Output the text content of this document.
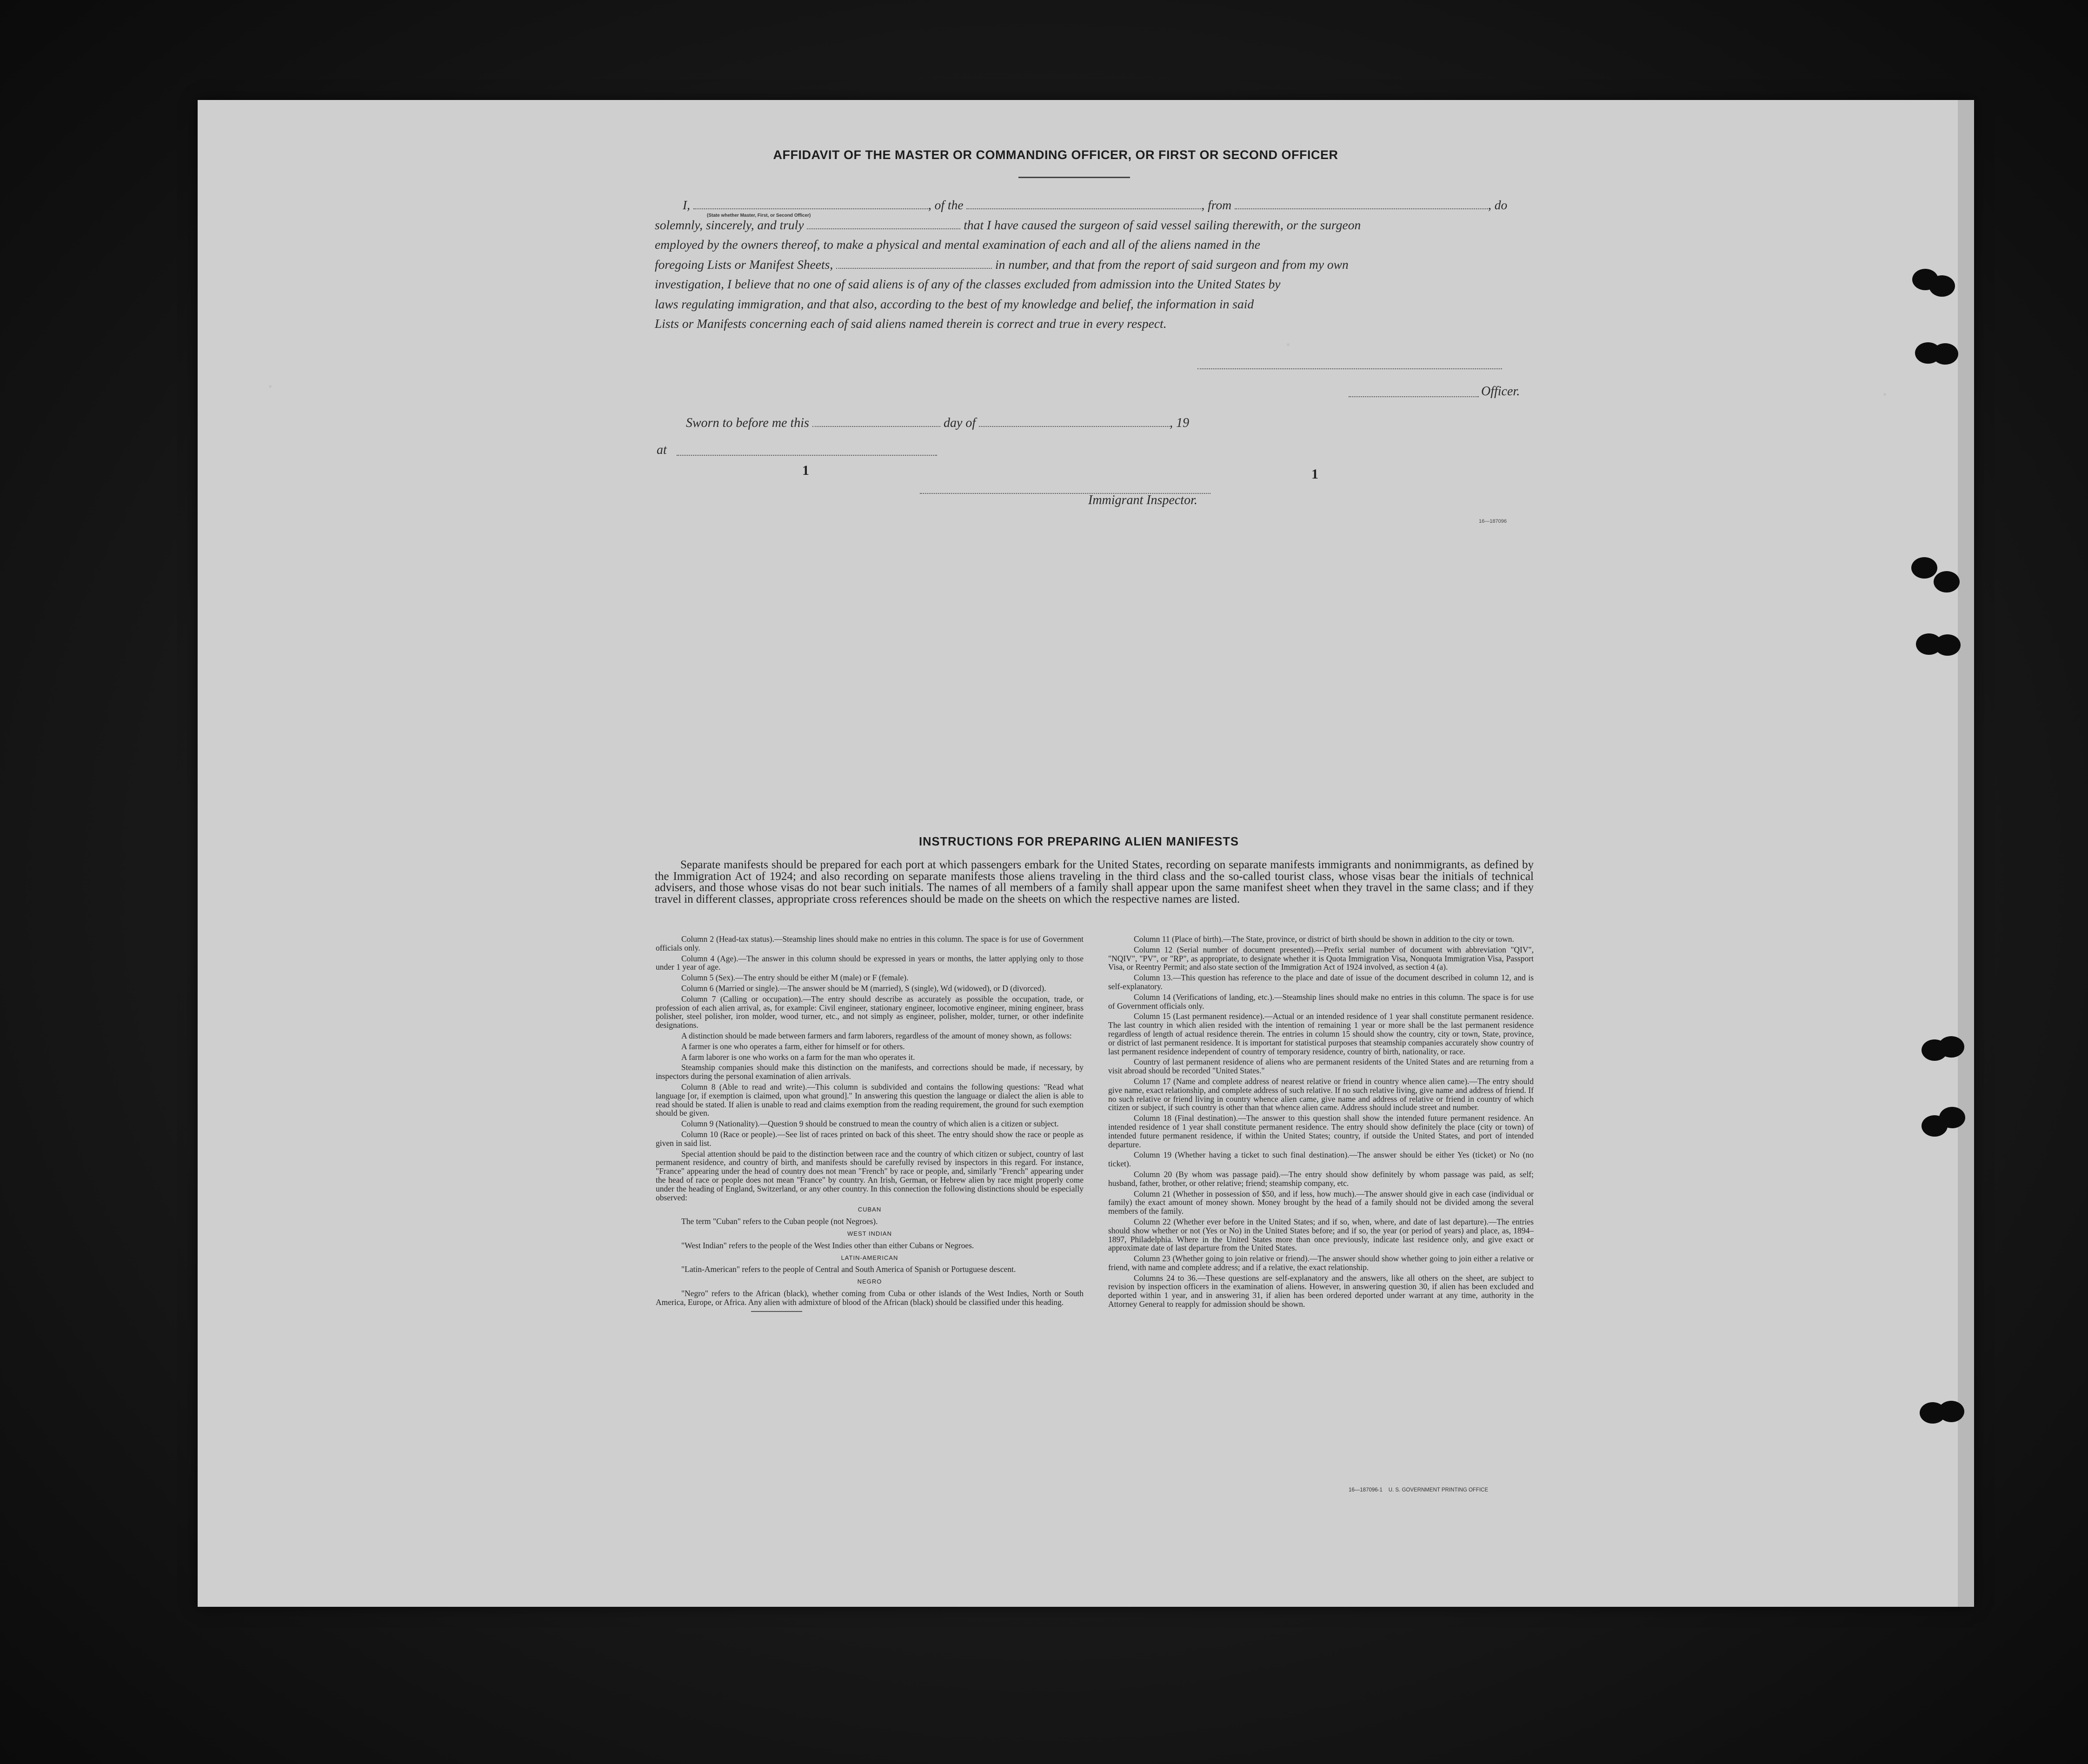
AFFIDAVIT OF THE MASTER OR COMMANDING OFFICER, OR FIRST OR SECOND OFFICER
I,	, of the	, from	, do
solemnly, sincerely, and truly	that I have caused the surgeon of said vessel sailing therewith, or the surgeon
employed by the owners thereof, to make a physical and mental examination of each and all of the aliens named in the
foregoing Lists or Manifest Sheets,	in number, and that from the report of said surgeon and from my own
investigation, I believe that no one of said aliens is of any of the classes excluded from admission into the United States by
laws regulating immigration, and that also, according to the best of my knowledge and belief, the information in said
Lists or Manifests concerning each of said aliens named therein is correct and true in every respect.
(State whether Master, First, or Second Officer)
Officer.
Sworn to before me this	day of	, 19
at
1	1
Immigrant Inspector.
16—187096
INSTRUCTIONS FOR PREPARING ALIEN MANIFESTS
Separate manifests should be prepared for each port at which passengers embark for the United States, recording on separate manifests immigrants and nonimmigrants, as defined by the Immigration Act of 1924; and also recording on separate manifests those aliens traveling in the third class and the so-called tourist class, whose visas bear the initials of technical advisers, and those whose visas do not bear such initials. The names of all members of a family shall appear upon the same manifest sheet when they travel in the same class; and if they travel in different classes, appropriate cross references should be made on the sheets on which the respective names are listed.

Column 2 (Head-tax status).—Steamship lines should make no entries in this column. The space is for use of Government officials only.

Column 4 (Age).—The answer in this column should be expressed in years or months, the latter applying only to those under 1 year of age.

Column 5 (Sex).—The entry should be either M (male) or F (female).

Column 6 (Married or single).—The answer should be M (married), S (single), Wd (widowed), or D (divorced).

Column 7 (Calling or occupation).—The entry should describe as accurately as possible the occupation, trade, or profession of each alien arrival, as, for example: Civil engineer, stationary engineer, locomotive engineer, mining engineer, brass polisher, steel polisher, iron molder, wood turner, etc., and not simply as engineer, polisher, molder, turner, or other indefinite designations.

A distinction should be made between farmers and farm laborers, regardless of the amount of money shown, as follows:

A farmer is one who operates a farm, either for himself or for others.

A farm laborer is one who works on a farm for the man who operates it.

Steamship companies should make this distinction on the manifests, and corrections should be made, if necessary, by inspectors during the personal examination of alien arrivals.

Column 8 (Able to read and write).—This column is subdivided and contains the following questions: "Read what language [or, if exemption is claimed, upon what ground]." In answering this question the language or dialect the alien is able to read should be stated. If alien is unable to read and claims exemption from the reading requirement, the ground for such exemption should be given.

Column 9 (Nationality).—Question 9 should be construed to mean the country of which alien is a citizen or subject.

Column 10 (Race or people).—See list of races printed on back of this sheet. The entry should show the race or people as given in said list.

Special attention should be paid to the distinction between race and the country of which citizen or subject, country of last permanent residence, and country of birth, and manifests should be carefully revised by inspectors in this regard. For instance, "France" appearing under the head of country does not mean "French" by race or people, and, similarly "French" appearing under the head of race or people does not mean "France" by country. An Irish, German, or Hebrew alien by race might properly come under the heading of England, Switzerland, or any other country. In this connection the following distinctions should be especially observed:

CUBAN

The term "Cuban" refers to the Cuban people (not Negroes).

WEST INDIAN

"West Indian" refers to the people of the West Indies other than either Cubans or Negroes.

LATIN-AMERICAN

"Latin-American" refers to the people of Central and South America of Spanish or Portuguese descent.

NEGRO

"Negro" refers to the African (black), whether coming from Cuba or other islands of the West Indies, North or South America, Europe, or Africa. Any alien with admixture of blood of the African (black) should be classified under this heading.

Column 11 (Place of birth).—The State, province, or district of birth should be shown in addition to the city or town.

Column 12 (Serial number of document presented).—Prefix serial number of document with abbreviation "QIV", "NQIV", "PV", or "RP", as appropriate, to designate whether it is Quota Immigration Visa, Nonquota Immigration Visa, Passport Visa, or Reentry Permit; and also state section of the Immigration Act of 1924 involved, as section 4 (a).

Column 13.—This question has reference to the place and date of issue of the document described in column 12, and is self-explanatory.

Column 14 (Verifications of landing, etc.).—Steamship lines should make no entries in this column. The space is for use of Government officials only.

Column 15 (Last permanent residence).—Actual or an intended residence of 1 year shall constitute permanent residence. The last country in which alien resided with the intention of remaining 1 year or more shall be the last permanent residence regardless of length of actual residence therein. The entries in column 15 should show the country, city or town, State, province, or district of last permanent residence. It is important for statistical purposes that steamship companies accurately show country of last permanent residence independent of country of temporary residence, country of birth, nationality, or race.

Country of last permanent residence of aliens who are permanent residents of the United States and are returning from a visit abroad should be recorded "United States."

Column 17 (Name and complete address of nearest relative or friend in country whence alien came).—The entry should give name, exact relationship, and complete address of such relative. If no such relative living, give name and address of friend. If no such relative or friend living in country whence alien came, give name and address of relative or friend in country of which citizen or subject, if such country is other than that whence alien came. Address should include street and number.

Column 18 (Final destination).—The answer to this question shall show the intended future permanent residence. An intended residence of 1 year shall constitute permanent residence. The entry should show definitely the place (city or town) of intended future permanent residence, if within the United States; country, if outside the United States, and port of intended departure.

Column 19 (Whether having a ticket to such final destination).—The answer should be either Yes (ticket) or No (no ticket).

Column 20 (By whom was passage paid).—The entry should show definitely by whom passage was paid, as self; husband, father, brother, or other relative; friend; steamship company, etc.

Column 21 (Whether in possession of $50, and if less, how much).—The answer should give in each case (individual or family) the exact amount of money shown. Money brought by the head of a family should not be divided among the several members of the family.

Column 22 (Whether ever before in the United States; and if so, when, where, and date of last departure).—The entries should show whether or not (Yes or No) in the United States before; and if so, the year (or period of years) and place, as, 1894–1897, Philadelphia. Where in the United States more than once previously, indicate last residence only, and give exact or approximate date of last departure from the United States.

Column 23 (Whether going to join relative or friend).—The answer should show whether going to join either a relative or friend, with name and complete address; and if a relative, the exact relationship.

Columns 24 to 36.—These questions are self-explanatory and the answers, like all others on the sheet, are subject to revision by inspection officers in the examination of aliens. However, in answering question 30, if alien has been excluded and deported within 1 year, and in answering 31, if alien has been ordered deported under warrant at any time, authority in the Attorney General to reapply for admission should be shown.

16—187096-1 U. S. GOVERNMENT PRINTING OFFICE
